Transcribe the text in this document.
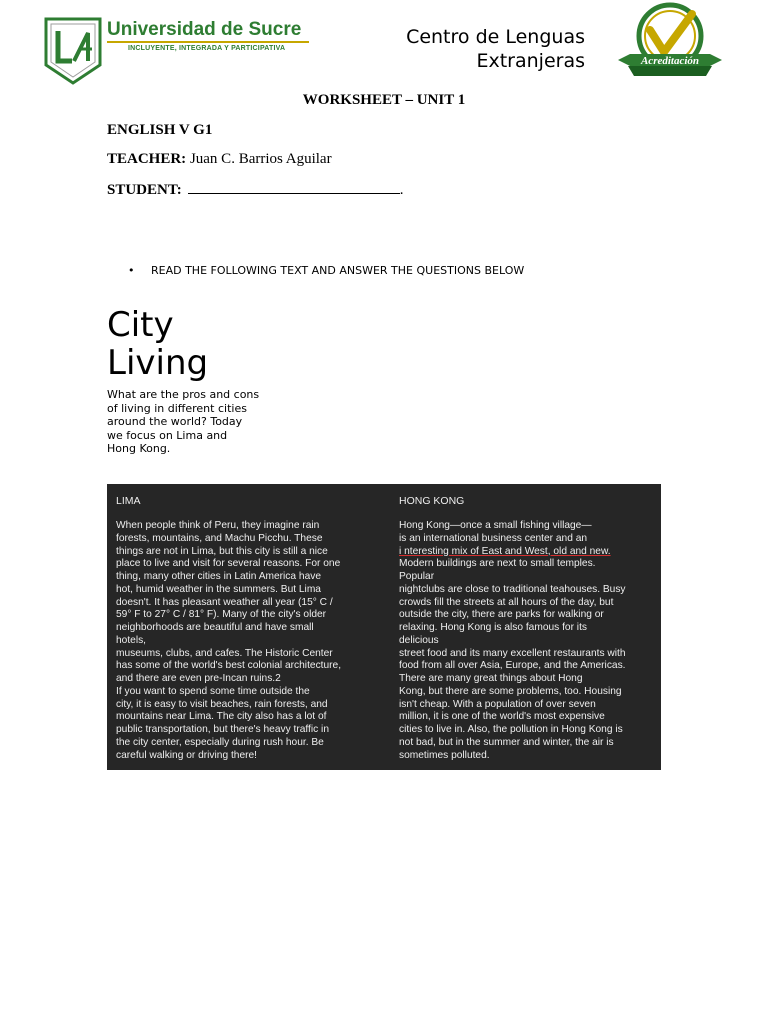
Universidad de Sucre
INCLUYENTE, INTEGRADA Y PARTICIPATIVA
Centro de Lenguas
Extranjeras	Acreditación
WORKSHEET – UNIT 1
ENGLISH V G1
TEACHER: Juan C. Barrios Aguilar
STUDENT:	.
• READ THE FOLLOWING TEXT AND ANSWER THE QUESTIONS BELOW
City
Living
What are the pros and cons
of living in different cities
around the world? Today
we focus on Lima and
Hong Kong.
LIMA
When people think of Peru, they imagine rain
forests, mountains, and Machu Picchu. These
things are not in Lima, but this city is still a nice
place to live and visit for several reasons. For one
thing, many other cities in Latin America have
hot, humid weather in the summers. But Lima
doesn't. It has pleasant weather all year (15° C /
59° F to 27° C / 81° F). Many of the city's older
neighborhoods are beautiful and have small
hotels,
museums, clubs, and cafes. The Historic Center
has some of the world's best colonial architecture,
and there are even pre-Incan ruins.2
If you want to spend some time outside the
city, it is easy to visit beaches, rain forests, and
mountains near Lima. The city also has a lot of
public transportation, but there's heavy traffic in
the city center, especially during rush hour. Be
careful walking or driving there!
HONG KONG
Hong Kong—once a small fishing village—
is an international business center and an
i nteresting mix of East and West, old and new.
Modern buildings are next to small temples.
Popular
nightclubs are close to traditional teahouses. Busy
crowds fill the streets at all hours of the day, but
outside the city, there are parks for walking or
relaxing. Hong Kong is also famous for its
delicious
street food and its many excellent restaurants with
food from all over Asia, Europe, and the Americas.
There are many great things about Hong
Kong, but there are some problems, too. Housing
isn't cheap. With a population of over seven
million, it is one of the world's most expensive
cities to live in. Also, the pollution in Hong Kong is
not bad, but in the summer and winter, the air is
sometimes polluted.
